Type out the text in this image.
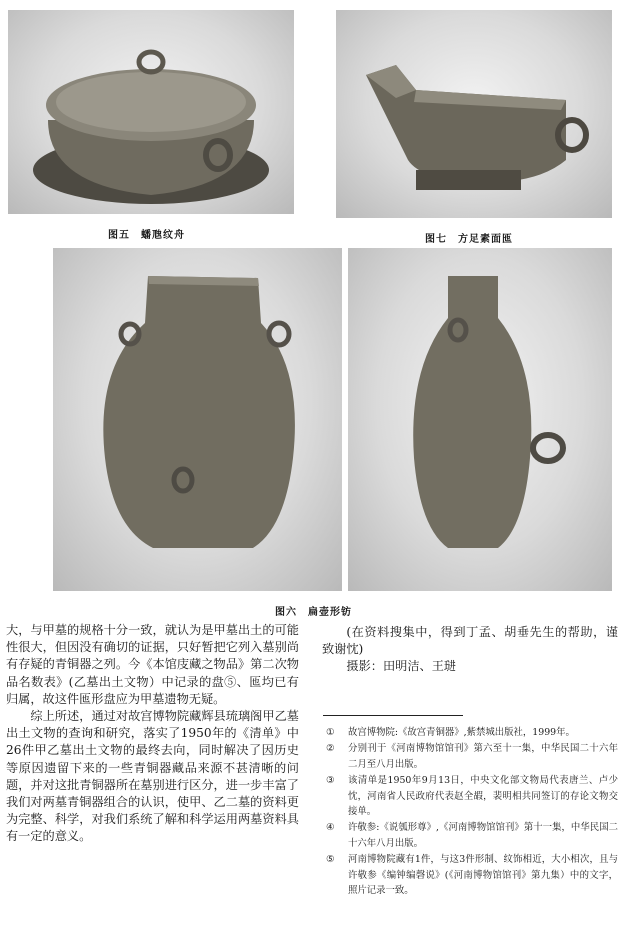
图五　蟠虺纹舟	图七　方足素面匜
图六　扁壶形钫

大，与甲墓的规格十分一致，就认为是甲墓出土的可能性很大，但因没有确切的证据，只好暂把它列入墓别尚有存疑的青铜器之列。今《本馆庋藏之物品》第二次物品名数表》(乙墓出土文物）中记录的盘⑤、匜均已有归属，故这件匜形盘应为甲墓遗物无疑。

综上所述，通过对故宫博物院藏辉县琉璃阁甲乙墓出土文物的查询和研究，落实了1950年的《清单》中26件甲乙墓出土文物的最终去向，同时解决了因历史等原因遗留下来的一些青铜器藏品来源不甚清晰的问题，并对这批青铜器所在墓别进行区分，进一步丰富了我们对两墓青铜器组合的认识，使甲、乙二墓的资料更为完整、科学，对我们系统了解和科学运用两墓资料具有一定的意义。

(在资料搜集中，得到丁孟、胡垂先生的帮助，谨致谢忱)

摄影：田明洁、王琎

①	故宫博物院:《故宫青铜器》,紫禁城出版社，1999年。
②	分别刊于《河南博物馆馆刊》第六至十一集，中华民国二十六年二月至八月出版。
③	该清单是1950年9月13日，中央文化部文物局代表唐兰、卢少忱，河南省人民政府代表赵全嘏，裴明相共同签订的存论文物交接单。
④	许敬参:《说瓠形尊》,《河南博物馆馆刊》第十一集，中华民国二十六年八月出版。
⑤	河南博物院藏有1件，与这3件形制、纹饰相近，大小相次，且与许敬参《编钟编磬说》(《河南博物馆馆刊》第九集）中的文字，照片记录一致。
